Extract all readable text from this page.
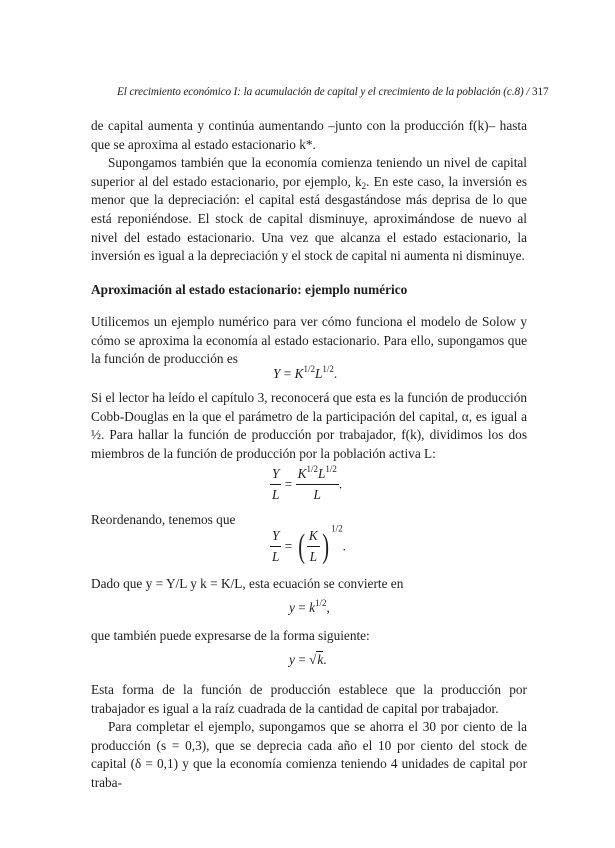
El crecimiento económico I: la acumulación de capital y el crecimiento de la población (c.8) / 317

de capital aumenta y continúa aumentando –junto con la producción f(k)– hasta que se aproxima al estado estacionario k*.

Supongamos también que la economía comienza teniendo un nivel de capital superior al del estado estacionario, por ejemplo, $k_2$. En este caso, la inversión es menor que la depreciación: el capital está desgastándose más deprisa de lo que está reponiéndose. El stock de capital disminuye, aproximándose de nuevo al nivel del estado estacionario. Una vez que alcanza el estado estacionario, la inversión es igual a la depreciación y el stock de capital ni aumenta ni disminuye.

Aproximación al estado estacionario: ejemplo numérico

Utilicemos un ejemplo numérico para ver cómo funciona el modelo de Solow y cómo se aproxima la economía al estado estacionario. Para ello, supongamos que la función de producción es

$Y = K^{1/2}L^{1/2}$.

Si el lector ha leído el capítulo 3, reconocerá que esta es la función de producción Cobb-Douglas en la que el parámetro de la participación del capital, α, es igual a ½. Para hallar la función de producción por trabajador, f(k), dividimos los dos miembros de la función de producción por la población activa L:

$\frac{Y}{L} = \frac{K^{1/2}L^{1/2}}{L}$ .

Reordenando, tenemos que

$\frac{Y}{L}$ = ( $\frac{K}{L}$ ) $^{1/2}$.

Dado que y = Y/L y k = K/L, esta ecuación se convierte en

$y = k^{1/2}$,

que también puede expresarse de la forma siguiente:

y = √k.

Esta forma de la función de producción establece que la producción por trabajador es igual a la raíz cuadrada de la cantidad de capital por trabajador.

Para completar el ejemplo, supongamos que se ahorra el 30 por ciento de la producción (s = 0,3), que se deprecia cada año el 10 por ciento del stock de capital (δ = 0,1) y que la economía comienza teniendo 4 unidades de capital por traba-
